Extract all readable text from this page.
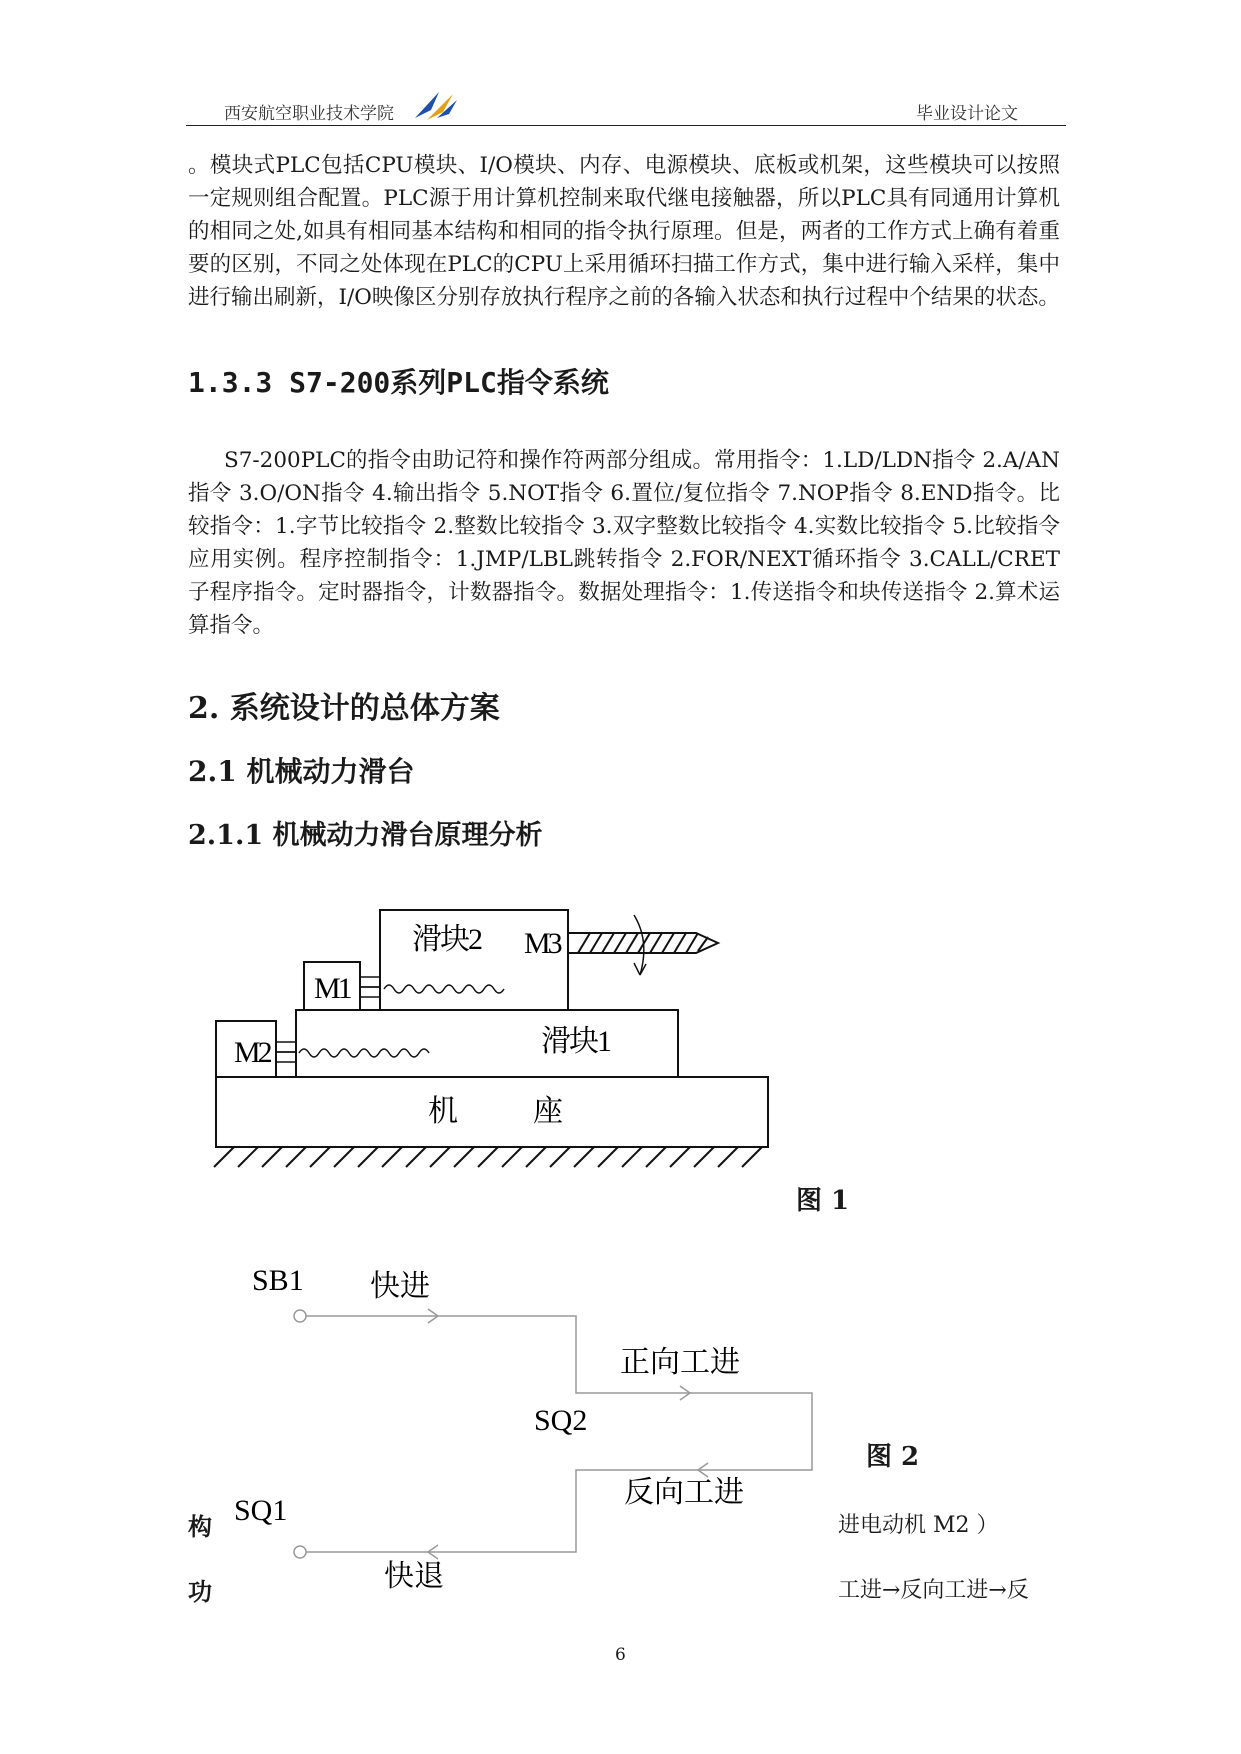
西安航空职业技术学院	毕业设计论文
。模块式PLC包括CPU模块、I/O模块、内存、电源模块、底板或机架，这些模块可以按照一定规则组合配置。PLC源于用计算机控制来取代继电接触器，所以PLC具有同通用计算机的相同之处,如具有相同基本结构和相同的指令执行原理。但是，两者的工作方式上确有着重要的区别，不同之处体现在PLC的CPU上采用循环扫描工作方式，集中进行输入采样，集中进行输出刷新，I/O映像区分别存放执行程序之前的各输入状态和执行过程中个结果的状态。
1.3.3 S7-200系列PLC指令系统
S7-200PLC的指令由助记符和操作符两部分组成。常用指令：1.LD/LDN指令 2.A/AN指令 3.O/ON指令 4.输出指令 5.NOT指令 6.置位/复位指令 7.NOP指令 8.END指令。比较指令：1.字节比较指令 2.整数比较指令 3.双字整数比较指令 4.实数比较指令 5.比较指令应用实例。程序控制指令：1.JMP/LBL跳转指令 2.FOR/NEXT循环指令 3.CALL/CRET子程序指令。定时器指令，计数器指令。数据处理指令：1.传送指令和块传送指令 2.算术运算指令。
2. 系统设计的总体方案
2.1 机械动力滑台
2.1.1 机械动力滑台原理分析
机	座
M2	滑块1
M1
滑块2 M3
图 1
SB1 快进
正向工进
SQ2
反向工进
SQ1
快退
图 2
构
功
进电动机 M2 ）
工进→反向工进→反
6
